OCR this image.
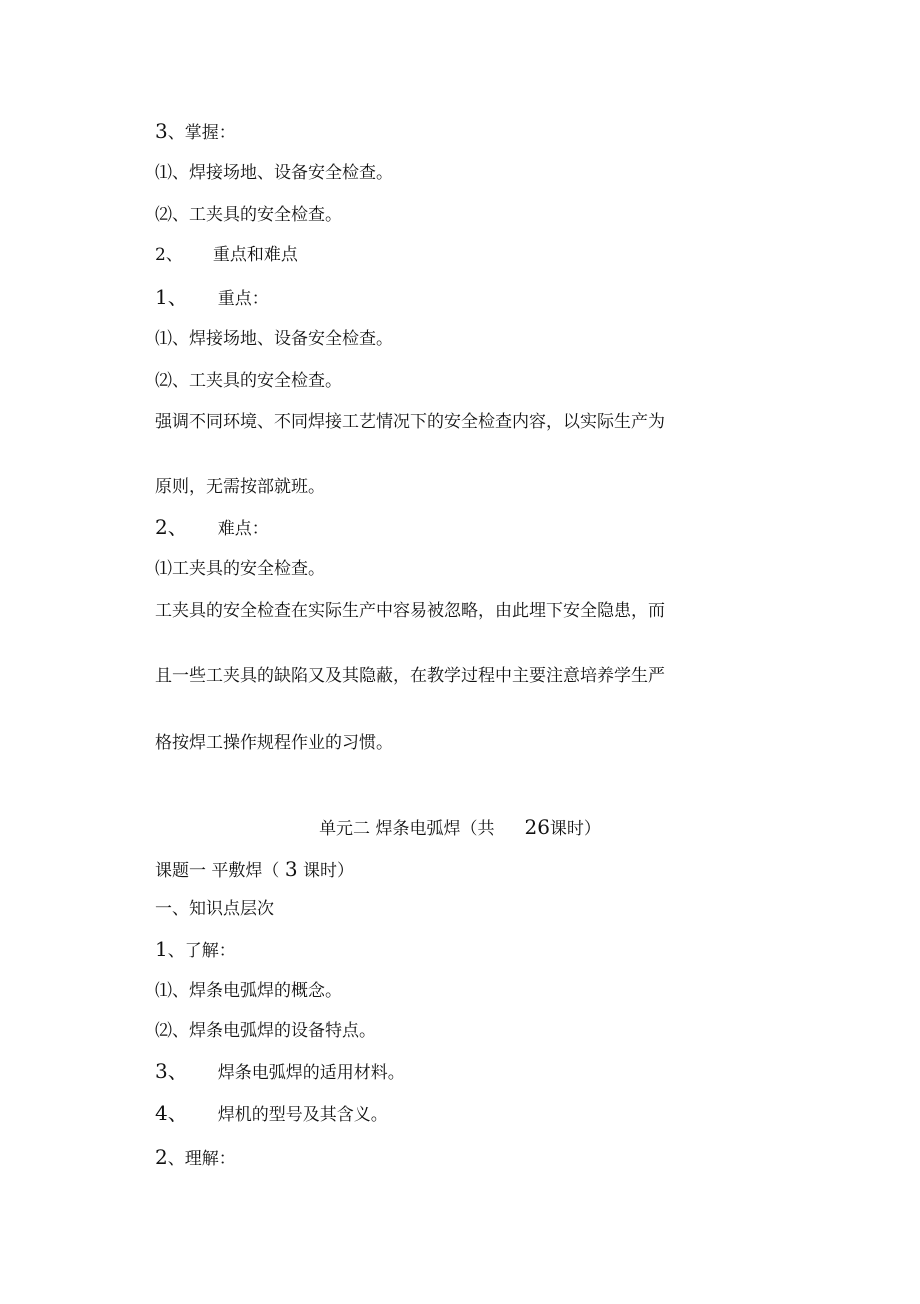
3、掌握：
⑴、焊接场地、设备安全检查。
⑵、工夹具的安全检查。
2、 重点和难点
1、 重点：
⑴、焊接场地、设备安全检查。
⑵、工夹具的安全检查。
强调不同环境、不同焊接工艺情况下的安全检查内容，以实际生产为
原则，无需按部就班。
2、 难点：
⑴工夹具的安全检查。
工夹具的安全检查在实际生产中容易被忽略，由此埋下安全隐患，而
且一些工夹具的缺陷又及其隐蔽，在教学过程中主要注意培养学生严
格按焊工操作规程作业的习惯。
单元二 焊条电弧焊（共 26课时）
课题一 平敷焊（ 3 课时）
一、知识点层次
1、了解：
⑴、焊条电弧焊的概念。
⑵、焊条电弧焊的设备特点。
3、 焊条电弧焊的适用材料。
4、 焊机的型号及其含义。
2、理解：
